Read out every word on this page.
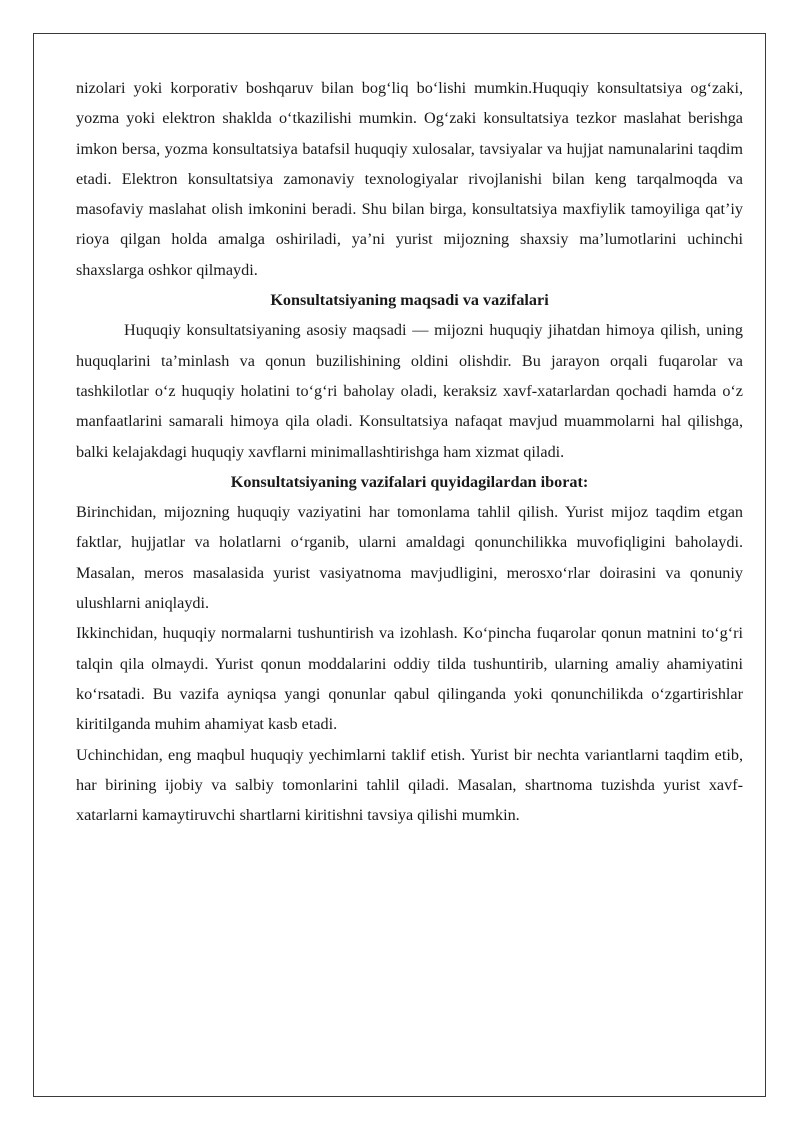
nizolari yoki korporativ boshqaruv bilan bog‘liq bo‘lishi mumkin.Huquqiy konsultatsiya og‘zaki, yozma yoki elektron shaklda o‘tkazilishi mumkin. Og‘zaki konsultatsiya tezkor maslahat berishga imkon bersa, yozma konsultatsiya batafsil huquqiy xulosalar, tavsiyalar va hujjat namunalarini taqdim etadi. Elektron konsultatsiya zamonaviy texnologiyalar rivojlanishi bilan keng tarqalmoqda va masofaviy maslahat olish imkonini beradi. Shu bilan birga, konsultatsiya maxfiylik tamoyiliga qat’iy rioya qilgan holda amalga oshiriladi, ya’ni yurist mijozning shaxsiy ma’lumotlarini uchinchi shaxslarga oshkor qilmaydi.

Konsultatsiyaning maqsadi va vazifalari

Huquqiy konsultatsiyaning asosiy maqsadi — mijozni huquqiy jihatdan himoya qilish, uning huquqlarini ta’minlash va qonun buzilishining oldini olishdir. Bu jarayon orqali fuqarolar va tashkilotlar o‘z huquqiy holatini to‘g‘ri baholay oladi, keraksiz xavf-xatarlardan qochadi hamda o‘z manfaatlarini samarali himoya qila oladi. Konsultatsiya nafaqat mavjud muammolarni hal qilishga, balki kelajakdagi huquqiy xavflarni minimallashtirishga ham xizmat qiladi.

Konsultatsiyaning vazifalari quyidagilardan iborat:

Birinchidan, mijozning huquqiy vaziyatini har tomonlama tahlil qilish. Yurist mijoz taqdim etgan faktlar, hujjatlar va holatlarni o‘rganib, ularni amaldagi qonunchilikka muvofiqligini baholaydi. Masalan, meros masalasida yurist vasiyatnoma mavjudligini, merosxo‘rlar doirasini va qonuniy ulushlarni aniqlaydi.

Ikkinchidan, huquqiy normalarni tushuntirish va izohlash. Ko‘pincha fuqarolar qonun matnini to‘g‘ri talqin qila olmaydi. Yurist qonun moddalarini oddiy tilda tushuntirib, ularning amaliy ahamiyatini ko‘rsatadi. Bu vazifa ayniqsa yangi qonunlar qabul qilinganda yoki qonunchilikda o‘zgartirishlar kiritilganda muhim ahamiyat kasb etadi.

Uchinchidan, eng maqbul huquqiy yechimlarni taklif etish. Yurist bir nechta variantlarni taqdim etib, har birining ijobiy va salbiy tomonlarini tahlil qiladi. Masalan, shartnoma tuzishda yurist xavf-xatarlarni kamaytiruvchi shartlarni kiritishni tavsiya qilishi mumkin.
